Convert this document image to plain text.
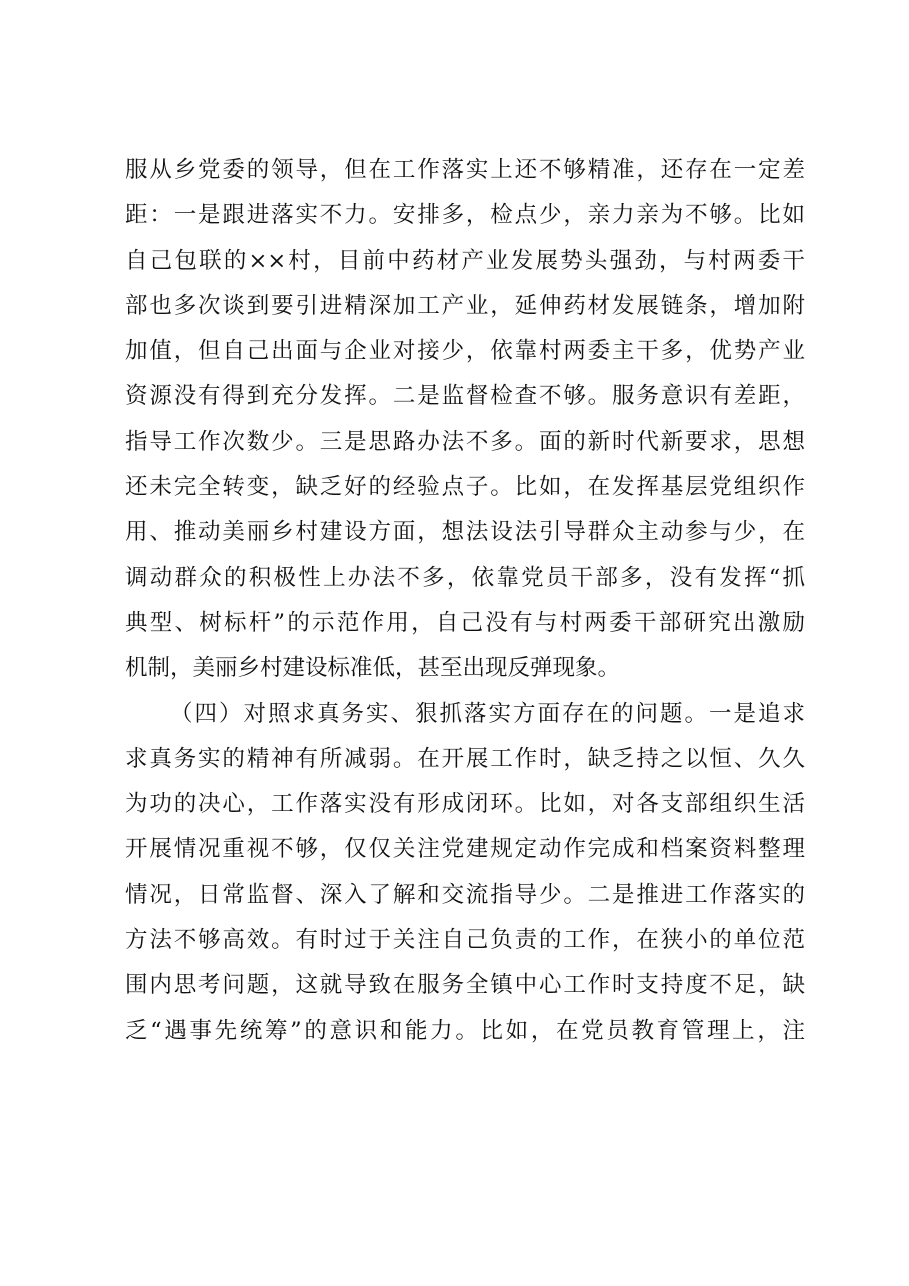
服从乡党委的领导，但在工作落实上还不够精准，还存在一定差
距：一是跟进落实不力。安排多，检点少，亲力亲为不够。比如
自己包联的××村，目前中药材产业发展势头强劲，与村两委干
部也多次谈到要引进精深加工产业，延伸药材发展链条，增加附
加值，但自己出面与企业对接少，依靠村两委主干多，优势产业
资源没有得到充分发挥。二是监督检查不够。服务意识有差距，
指导工作次数少。三是思路办法不多。面的新时代新要求，思想
还未完全转变，缺乏好的经验点子。比如，在发挥基层党组织作
用、推动美丽乡村建设方面，想法设法引导群众主动参与少，在
调动群众的积极性上办法不多，依靠党员干部多，没有发挥“抓
典型、树标杆”的示范作用，自己没有与村两委干部研究出激励
机制，美丽乡村建设标准低，甚至出现反弹现象。
（四）对照求真务实、狠抓落实方面存在的问题。一是追求
求真务实的精神有所减弱。在开展工作时，缺乏持之以恒、久久
为功的决心，工作落实没有形成闭环。比如，对各支部组织生活
开展情况重视不够，仅仅关注党建规定动作完成和档案资料整理
情况，日常监督、深入了解和交流指导少。二是推进工作落实的
方法不够高效。有时过于关注自己负责的工作，在狭小的单位范
围内思考问题，这就导致在服务全镇中心工作时支持度不足，缺
乏“遇事先统筹”的意识和能力。比如，在党员教育管理上，注
